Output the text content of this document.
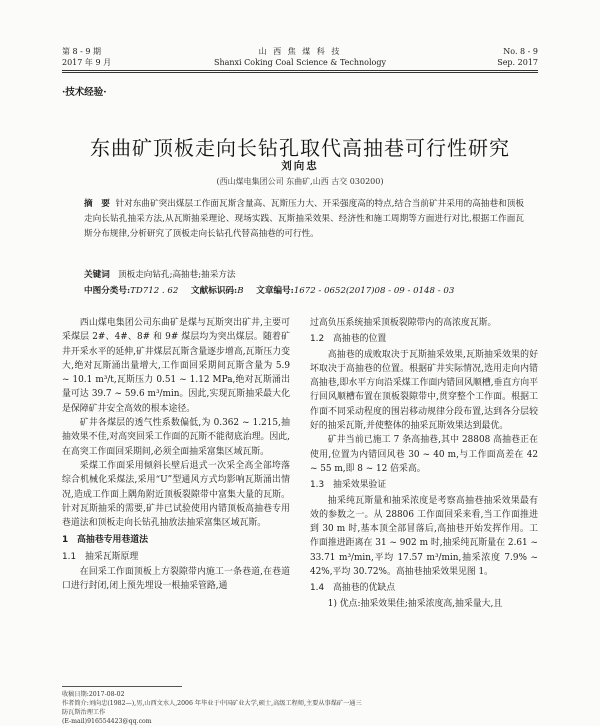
第 8 - 9 期
2017 年 9 月
山 西 焦 煤 科 技
Shanxi Coking Coal Science & Technology
No. 8 - 9
Sep. 2017
·技术经验·
东曲矿顶板走向长钻孔取代高抽巷可行性研究
刘向忠
(西山煤电集团公司 东曲矿,山西 古交 030200)
摘　要 针对东曲矿突出煤层工作面瓦斯含量高、瓦斯压力大、开采强度高的特点,结合当前矿井采用的高抽巷和顶板走向长钻孔抽采方法,从瓦斯抽采理论、现场实践、瓦斯抽采效果、经济性和施工周期等方面进行对比,根据工作面瓦斯分布规律,分析研究了顶板走向长钻孔代替高抽巷的可行性。
关键词 顶板走向钻孔;高抽巷;抽采方法
中图分类号:TD712 . 62 文献标识码:B 文章编号:1672 - 0652(2017)08 - 09 - 0148 - 03

西山煤电集团公司东曲矿是煤与瓦斯突出矿井,主要可采煤层 2#、4#、8# 和 9# 煤层均为突出煤层。随着矿井开采水平的延伸,矿井煤层瓦斯含量逐步增高,瓦斯压力变大,绝对瓦斯涌出量增大,工作面回采期间瓦斯含量为 5.9 ~ 10.1 m³/t,瓦斯压力 0.51 ~ 1.12 MPa,绝对瓦斯涌出量可达 39.7 ~ 59.6 m³/min。因此,实现瓦斯抽采最大化是保障矿井安全高效的根本途径。

矿井各煤层的透气性系数偏低,为 0.362 ~ 1.215,抽抽效果不佳,对高突回采工作面的瓦斯不能彻底治理。因此,在高突工作面回采期间,必须全面抽采富集区域瓦斯。

采煤工作面采用倾斜长壁后退式一次采全高全部垮落综合机械化采煤法,采用“U”型通风方式均影响瓦斯涌出情况,造成工作面上隅角附近顶板裂隙带中富集大量的瓦斯。针对瓦斯抽采的需要,矿井已试验使用内错顶板高抽巷专用巷道法和顶板走向长钻孔抽放法抽采富集区域瓦斯。

1　高抽巷专用巷道法
1.1　抽采瓦斯原理

在回采工作面顶板上方裂隙带内施工一条巷道,在巷道口进行封闭,闭上预先埋设一根抽采管路,通

过高负压系统抽采顶板裂隙带内的高浓度瓦斯。

1.2　高抽巷的位置

高抽巷的成败取决于瓦斯抽采效果,瓦斯抽采效果的好坏取决于高抽巷的位置。根据矿井实际情况,选用走向内错高抽巷,即水平方向沿采煤工作面内错回风顺槽,垂直方向平行回风顺槽布置在顶板裂隙带中,贯穿整个工作面。根据工作面不同采动程度的围岩移动规律分段布置,达到各分层较好的抽采瓦斯,并使整体的抽采瓦斯效果达到最优。

矿井当前已施工 7 条高抽巷,其中 28808 高抽巷正在使用,位置为内错回风巷 30 ~ 40 m,与工作面高差在 42 ~ 55 m,即 8 ~ 12 倍采高。

1.3　抽采效果验证

抽采纯瓦斯量和抽采浓度是考察高抽巷抽采效果最有效的参数之一。从 28806 工作面回采来看,当工作面推进到 30 m 时,基本顶全部冒落后,高抽巷开始发挥作用。工作面推进距离在 31 ~ 902 m 时,抽采纯瓦斯量在 2.61 ~ 33.71 m³/min,平均 17.57 m³/min,抽采浓度 7.9% ~ 42%,平均 30.72%。高抽巷抽采效果见图 1。

1.4　高抽巷的优缺点

1) 优点:抽采效果佳;抽采浓度高,抽采量大,且

收稿日期:2017-08-02
作者简介:刘向忠(1982—),男,山西文水人,2006 年毕业于中国矿业大学,硕士,高级工程师,主要从事煤矿一通三防瓦斯治理工作
(E-mail)916554423@qq.com
